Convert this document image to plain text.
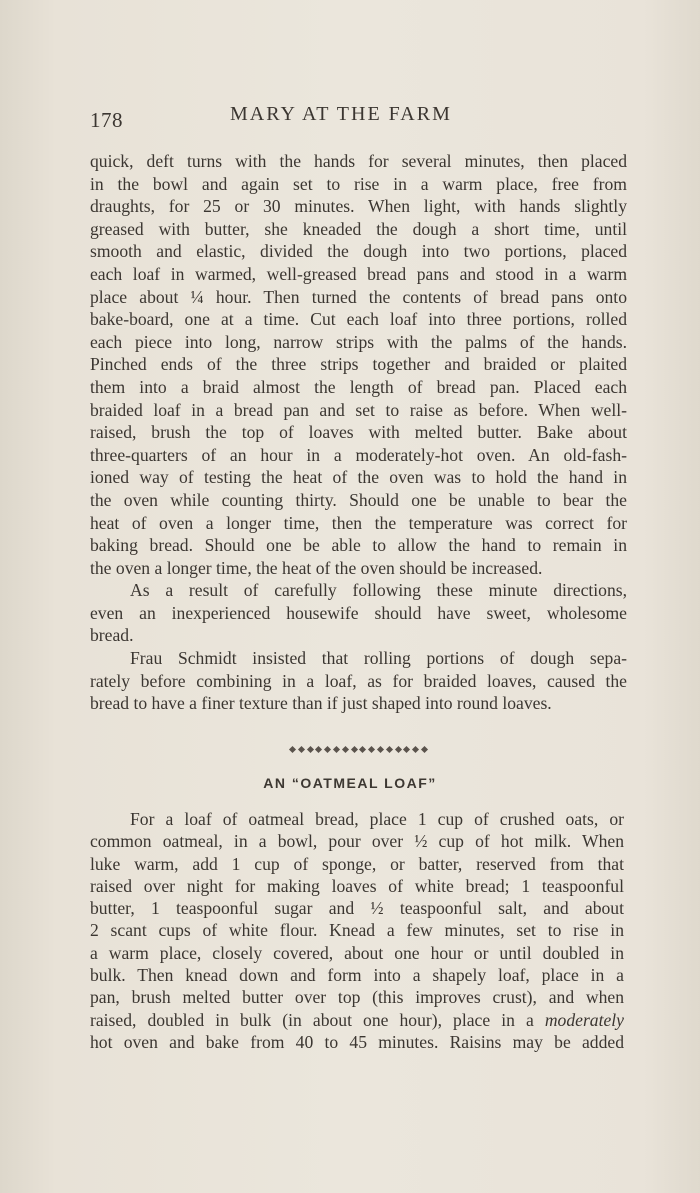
178	MARY AT THE FARM
quick, deft turns with the hands for several minutes, then placed
in the bowl and again set to rise in a warm place, free from
draughts, for 25 or 30 minutes. When light, with hands slightly
greased with butter, she kneaded the dough a short time, until
smooth and elastic, divided the dough into two portions, placed
each loaf in warmed, well-greased bread pans and stood in a warm
place about ¼ hour. Then turned the contents of bread pans onto
bake-board, one at a time. Cut each loaf into three portions, rolled
each piece into long, narrow strips with the palms of the hands.
Pinched ends of the three strips together and braided or plaited
them into a braid almost the length of bread pan. Placed each
braided loaf in a bread pan and set to raise as before. When well-
raised, brush the top of loaves with melted butter. Bake about
three-quarters of an hour in a moderately-hot oven. An old-fash-
ioned way of testing the heat of the oven was to hold the hand in
the oven while counting thirty. Should one be unable to bear the
heat of oven a longer time, then the temperature was correct for
baking bread. Should one be able to allow the hand to remain in
the oven a longer time, the heat of the oven should be increased.
As a result of carefully following these minute directions,
even an inexperienced housewife should have sweet, wholesome
bread.
Frau Schmidt insisted that rolling portions of dough sepa-
rately before combining in a loaf, as for braided loaves, caused the
bread to have a finer texture than if just shaped into round loaves.
AN “OATMEAL LOAF”
For a loaf of oatmeal bread, place 1 cup of crushed oats, or
common oatmeal, in a bowl, pour over ½ cup of hot milk. When
luke warm, add 1 cup of sponge, or batter, reserved from that
raised over night for making loaves of white bread; 1 teaspoonful
butter, 1 teaspoonful sugar and ½ teaspoonful salt, and about
2 scant cups of white flour. Knead a few minutes, set to rise in
a warm place, closely covered, about one hour or until doubled in
bulk. Then knead down and form into a shapely loaf, place in a
pan, brush melted butter over top (this improves crust), and when
raised, doubled in bulk (in about one hour), place in a moderately
hot oven and bake from 40 to 45 minutes. Raisins may be added
